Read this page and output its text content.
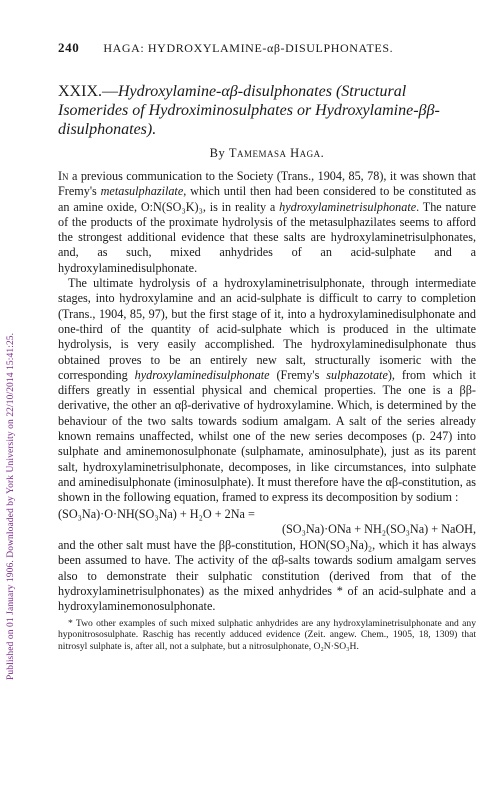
Published on 01 January 1906. Downloaded by York University on 22/10/2014 15:41:25.
240 HAGA: HYDROXYLAMINE-αβ-DISULPHONATES.
XXIX.—Hydroxylamine-αβ-disulphonates (Structural Isomerides of Hydroximinosulphates or Hydroxylamine-ββ-disulphonates).
By Tamemasa Haga.

In a previous communication to the Society (Trans., 1904, 85, 78), it was shown that Fremy's metasulphazilate, which until then had been considered to be constituted as an amine oxide, O:N(SO₃K)₃, is in reality a hydroxylaminetrisulphonate. The nature of the products of the proximate hydrolysis of the metasulphazilates seems to afford the strongest additional evidence that these salts are hydroxylaminetrisulphonates, and, as such, mixed anhydrides of an acid-sulphate and a hydroxylaminedisulphonate.

The ultimate hydrolysis of a hydroxylaminetrisulphonate, through intermediate stages, into hydroxylamine and an acid-sulphate is difficult to carry to completion (Trans., 1904, 85, 97), but the first stage of it, into a hydroxylaminedisulphonate and one-third of the quantity of acid-sulphate which is produced in the ultimate hydrolysis, is very easily accomplished. The hydroxylaminedisulphonate thus obtained proves to be an entirely new salt, structurally isomeric with the corresponding hydroxylaminedisulphonate (Fremy's sulphazotate), from which it differs greatly in essential physical and chemical properties. The one is a ββ-derivative, the other an αβ-derivative of hydroxylamine. Which, is determined by the behaviour of the two salts towards sodium amalgam. A salt of the series already known remains unaffected, whilst one of the new series decomposes (p. 247) into sulphate and aminemonosulphonate (sulphamate, aminosulphate), just as its parent salt, hydroxylaminetrisulphonate, decomposes, in like circumstances, into sulphate and aminedisulphonate (iminosulphate). It must therefore have the αβ-constitution, as shown in the following equation, framed to express its decomposition by sodium :

(SO₃Na)·O·NH(SO₃Na) + H₂O + 2Na =
(SO₃Na)·ONa + NH₂(SO₃Na) + NaOH,

and the other salt must have the ββ-constitution, HON(SO₃Na)₂, which it has always been assumed to have. The activity of the αβ-salts towards sodium amalgam serves also to demonstrate their sulphatic constitution (derived from that of the hydroxylaminetrisulphonates) as the mixed anhydrides * of an acid-sulphate and a hydroxylaminemonosulphonate.

* Two other examples of such mixed sulphatic anhydrides are any hydroxylaminetrisulphonate and any hyponitrososulphate. Raschig has recently adduced evidence (Zeit. angew. Chem., 1905, 18, 1309) that nitrosyl sulphate is, after all, not a sulphate, but a nitrosulphonate, O₂N·SO₃H.
